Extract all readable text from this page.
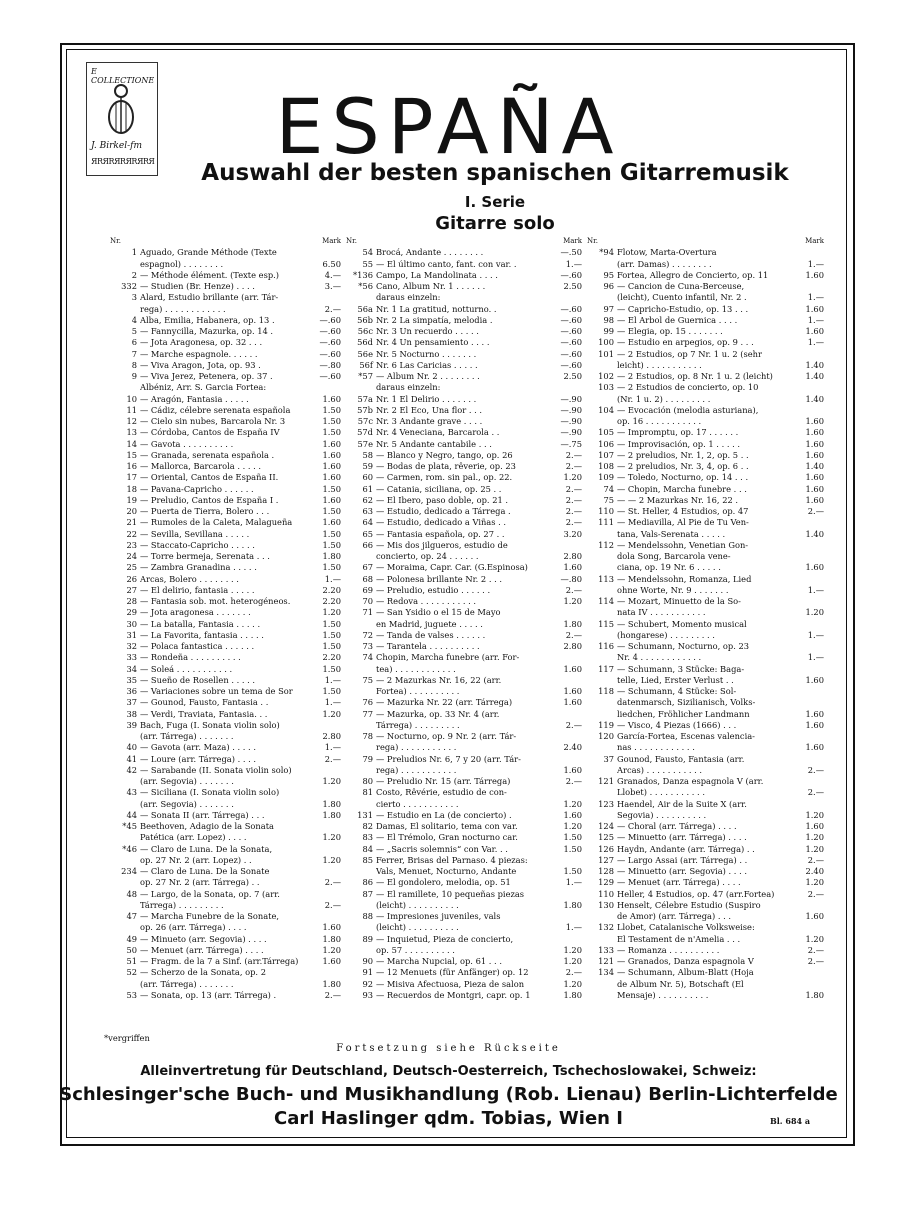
E COLLECTIONE
J. Birkel-fm
ЯRЯRЯRЯRЯRЯ	ESPAÑA
Auswahl der besten spanischen Gitarremusik
I. Serie
Gitarre solo
Nr.	Mark
1 Aguado, Grande Méthode (Texte
espagnol) . . . . . . . .	6.50
2 — Méthode élément. (Texte esp.)	4.—
332 — Studien (Br. Henze) . . . .	3.—
3 Alard, Estudio brillante (arr. Tár-
rega) . . . . . . . . . . . .	2.—
4 Alba, Emilia, Habanera, op. 13 .	—.60
5 — Fannycilla, Mazurka, op. 14 .	—.60
6 — Jota Aragonesa, op. 32 . . .	—.60
7 — Marche espagnole. . . . . .	—.60
8 — Viva Aragon, Jota, op. 93 .	—.80
9 — Viva Jerez, Petenera, op. 37 .	—.60
Albéniz, Arr. S. Garcia Fortea:
10 — Aragón, Fantasia . . . . .	1.60
11 — Cádiz, célebre serenata española	1.50
12 — Cielo sin nubes, Barcarola Nr. 3	1.50
13 — Córdoba, Cantos de España IV	1.50
14 — Gavota . . . . . . . . . .	1.60
15 — Granada, serenata española .	1.60
16 — Mallorca, Barcarola . . . . .	1.60
17 — Oriental, Cantos de España II.	1.60
18 — Pavana-Capricho . . . . . .	1.50
19 — Preludio, Cantos de España I .	1.60
20 — Puerta de Tierra, Bolero . . .	1.50
21 — Rumoles de la Caleta, Malagueña	1.60
22 — Sevilla, Sevillana . . . . .	1.50
23 — Staccato-Capricho . . . . .	1.50
24 — Torre bermeja, Serenata . . .	1.80
25 — Zambra Granadina . . . . .	1.50
26 Arcas, Bolero . . . . . . . .	1.—
27 — El delirio, fantasia . . . . .	2.20
28 — Fantasia sob. mot. heterogéneos.	2.20
29 — Jota aragonesa . . . . . . .	1.20
30 — La batalla, Fantasia . . . . .	1.50
31 — La Favorita, fantasia . . . . .	1.50
32 — Polaca fantastica . . . . . .	1.50
33 — Rondeña . . . . . . . . . .	2.20
34 — Soleá . . . . . . . . . . .	1.50
35 — Sueño de Rosellen . . . . .	1.—
36 — Variaciones sobre un tema de Sor	1.50
37 — Gounod, Fausto, Fantasia . .	1.—
38 — Verdi, Traviata, Fantasia. . .	1.20
39 Bach, Fuga (I. Sonata violin solo)
(arr. Tárrega) . . . . . . .	2.80
40 — Gavota (arr. Maza) . . . . .	1.—
41 — Loure (arr. Tárrega) . . . .	2.—
42 — Sarabande (II. Sonata violin solo)
(arr. Segovia) . . . . . . .	1.20
43 — Siciliana (I. Sonata violin solo)
(arr. Segovia) . . . . . . .	1.80
44 — Sonata II (arr. Tárrega) . . .	1.80
*45 Beethoven, Adagio de la Sonata
Patética (arr. Lopez) . . . .	1.20
*46 — Claro de Luna. De la Sonata,
op. 27 Nr. 2 (arr. Lopez) . .	1.20
234 — Claro de Luna. De la Sonate
op. 27 Nr. 2 (arr. Tárrega) . .	2.—
48 — Largo, de la Sonata, op. 7 (arr.
Tárrega) . . . . . . . . .	2.—
47 — Marcha Funebre de la Sonate,
op. 26 (arr. Tárrega) . . . .	1.60
49 — Minueto (arr. Segovia) . . . .	1.80
50 — Menuet (arr. Tárrega) . . . .	1.20
51 — Fragm. de la 7 a Sinf. (arr.Tárrega)	1.60
52 — Scherzo de la Sonata, op. 2
(arr. Tárrega) . . . . . . .	1.80
53 — Sonata, op. 13 (arr. Tárrega) .	2.—
Nr.	Mark
54 Brocá, Andante . . . . . . . .	—.50
55 — El último canto, fant. con var. .	1.—
*136 Campo, La Mandolinata . . . .	—.60
*56 Cano, Album Nr. 1 . . . . . .	2.50
daraus einzeln:
56a Nr. 1 La gratitud, notturno. .	—.60
56b Nr. 2 La simpatía, melodia .	—.60
56c Nr. 3 Un recuerdo . . . . .	—.60
56d Nr. 4 Un pensamiento . . . .	—.60
56e Nr. 5 Nocturno . . . . . . .	—.60
56f Nr. 6 Las Caricias . . . . .	—.60
*57 — Album Nr. 2 . . . . . . . .	2.50
daraus einzeln:
57a Nr. 1 El Delirio . . . . . . .	—.90
57b Nr. 2 El Eco, Una flor . . .	—.90
57c Nr. 3 Andante grave . . . .	—.90
57d Nr. 4 Veneciana, Barcarola . .	—.90
57e Nr. 5 Andante cantabile . . .	—.75
58 — Blanco y Negro, tango, op. 26	2.—
59 — Bodas de plata, rêverie, op. 23	2.—
60 — Carmen, rom. sin pal., op. 22.	1.20
61 — Catania, siciliana, op. 25 . .	2.—
62 — El Ibero, paso doble, op. 21 .	2.—
63 — Estudio, dedicado a Tárrega .	2.—
64 — Estudio, dedicado a Viñas . .	2.—
65 — Fantasia española, op. 27 . .	3.20
66 — Mis dos jilgueros, estudio de
concierto, op. 24 . . . . . .	2.80
67 — Moraima, Capr. Car. (G.Espinosa)	1.60
68 — Polonesa brillante Nr. 2 . . .	—.80
69 — Preludio, estudio . . . . . .	2.—
70 — Redova . . . . . . . . . . .	1.20
71 — San Ysidio o el 15 de Mayo
en Madrid, juguete . . . . .	1.80
72 — Tanda de valses . . . . . .	2.—
73 — Tarantela . . . . . . . . . .	2.80
74 Chopin, Marcha funebre (arr. For-
tea) . . . . . . . . . . . .	1.60
75 — 2 Mazurkas Nr. 16, 22 (arr.
Fortea) . . . . . . . . . .	1.60
76 — Mazurka Nr. 22 (arr. Tárrega)	1.60
77 — Mazurka, op. 33 Nr. 4 (arr.
Tárrega) . . . . . . . . .	2.—
78 — Nocturno, op. 9 Nr. 2 (arr. Tár-
rega) . . . . . . . . . . .	2.40
79 — Preludios Nr. 6, 7 y 20 (arr. Tár-
rega) . . . . . . . . . . .	1.60
80 — Preludio Nr. 15 (arr. Tárrega)	2.—
81 Costo, Rêvérie, estudio de con-
cierto . . . . . . . . . . .	1.20
131 — Estudio en La (de concierto) .	1.60
82 Damas, El solitario, tema con var.	1.20
83 — El Trémolo, Gran nocturno car.	1.50
84 — „Sacris solemnis“ con Var. . .	1.50
85 Ferrer, Brisas del Parnaso. 4 piezas:
Vals, Menuet, Nocturno, Andante	1.50
86 — El gondolero, melodia, op. 51	1.—
87 — El ramillete, 10 pequeñas piezas
(leicht) . . . . . . . . . .	1.80
88 — Impresiones juveniles, vals
(leicht) . . . . . . . . . .	1.—
89 — Inquietud, Pieza de concierto,
op. 57 . . . . . . . . . .	1.20
90 — Marcha Nupcial, op. 61 . . .	1.20
91 — 12 Menuets (für Anfänger) op. 12	2.—
92 — Misiva Afectuosa, Pieza de salon	1.20
93 — Recuerdos de Montgri, capr. op. 1	1.80
Nr.	Mark
*94 Flotow, Marta-Overtura
(arr. Damas) . . . . . . . .	1.—
95 Fortea, Allegro de Concierto, op. 11	1.60
96 — Cancion de Cuna-Berceuse,
(leicht), Cuento infantil, Nr. 2 .	1.—
97 — Capricho-Estudio, op. 13 . . .	1.60
98 — El Arbol de Guernica . . . .	1.—
99 — Elegia, op. 15 . . . . . . .	1.60
100 — Estudio en arpegios, op. 9 . . .	1.—
101 — 2 Estudios, op 7 Nr. 1 u. 2 (sehr
leicht) . . . . . . . . . . .	1.40
102 — 2 Estudios, op. 8 Nr. 1 u. 2 (leicht)	1.40
103 — 2 Estudios de concierto, op. 10
(Nr. 1 u. 2) . . . . . . . . .	1.40
104 — Evocación (melodia asturiana),
op. 16 . . . . . . . . . . .	1.60
105 — Impromptu, op. 17 . . . . . .	1.60
106 — Improvisación, op. 1 . . . . .	1.60
107 — 2 preludios, Nr. 1, 2, op. 5 . .	1.60
108 — 2 preludios, Nr. 3, 4, op. 6 . .	1.40
109 — Toledo, Nocturno, op. 14 . . .	1.60
74 — Chopin, Marcha funebre . . .	1.60
75 — — 2 Mazurkas Nr. 16, 22 .	1.60
110 — St. Heller, 4 Estudios, op. 47	2.—
111 — Mediavilla, Al Pie de Tu Ven-
tana, Vals-Serenata . . . . .	1.40
112 — Mendelssohn, Venetian Gon-
dola Song, Barcarola vene-
ciana, op. 19 Nr. 6 . . . . .	1.60
113 — Mendelssohn, Romanza, Lied
ohne Worte, Nr. 9 . . . . . . .	1.—
114 — Mozart, Minuetto de la So-
nata IV . . . . . . . . . . .	1.20
115 — Schubert, Momento musical
(hongarese) . . . . . . . . .	1.—
116 — Schumann, Nocturno, op. 23
Nr. 4 . . . . . . . . . . . .	1.—
117 — Schumann, 3 Stücke: Baga-
telle, Lied, Erster Verlust . .	1.60
118 — Schumann, 4 Stücke: Sol-
datenmarsch, Sizilianisch, Volks-
liedchen, Fröhlicher Landmann	1.60
119 — Visco, 4 Piezas (1666) . . .	1.60
120 García-Fortea, Escenas valencia-
nas . . . . . . . . . . . .	1.60
37 Gounod, Fausto, Fantasia (arr.
Arcas) . . . . . . . . . . .	2.—
121 Granados, Danza espagnola V (arr.
Llobet) . . . . . . . . . . .	2.—
123 Haendel, Air de la Suite X (arr.
Segovia) . . . . . . . . . .	1.20
124 — Choral (arr. Tárrega) . . . .	1.60
125 — Minuetto (arr. Tárrega) . . . .	1.20
126 Haydn, Andante (arr. Tárrega) . .	1.20
127 — Largo Assai (arr. Tárrega) . .	2.—
128 — Minuetto (arr. Segovia) . . . .	2.40
129 — Menuet (arr. Tárrega) . . . .	1.20
110 Heller, 4 Estudios, op. 47 (arr.Fortea)	2.—
130 Henselt, Célebre Estudio (Suspiro
de Amor) (arr. Tárrega) . . .	1.60
132 Llobet, Catalanische Volksweise:
El Testament de n'Amelia . . .	1.20
133 — Romanza . . . . . . . . . .	2.—
121 — Granados, Danza espagnola V	2.—
134 — Schumann, Album-Blatt (Hoja
de Album Nr. 5), Botschaft (El
Mensaje) . . . . . . . . . .	1.80
*vergriffen
Fortsetzung siehe Rückseite
Alleinvertretung für Deutschland, Deutsch-Oesterreich, Tschechoslowakei, Schweiz:
Schlesinger'sche Buch- und Musikhandlung (Rob. Lienau) Berlin-Lichterfelde
Carl Haslinger qdm. Tobias, Wien I	Bl. 684 a
